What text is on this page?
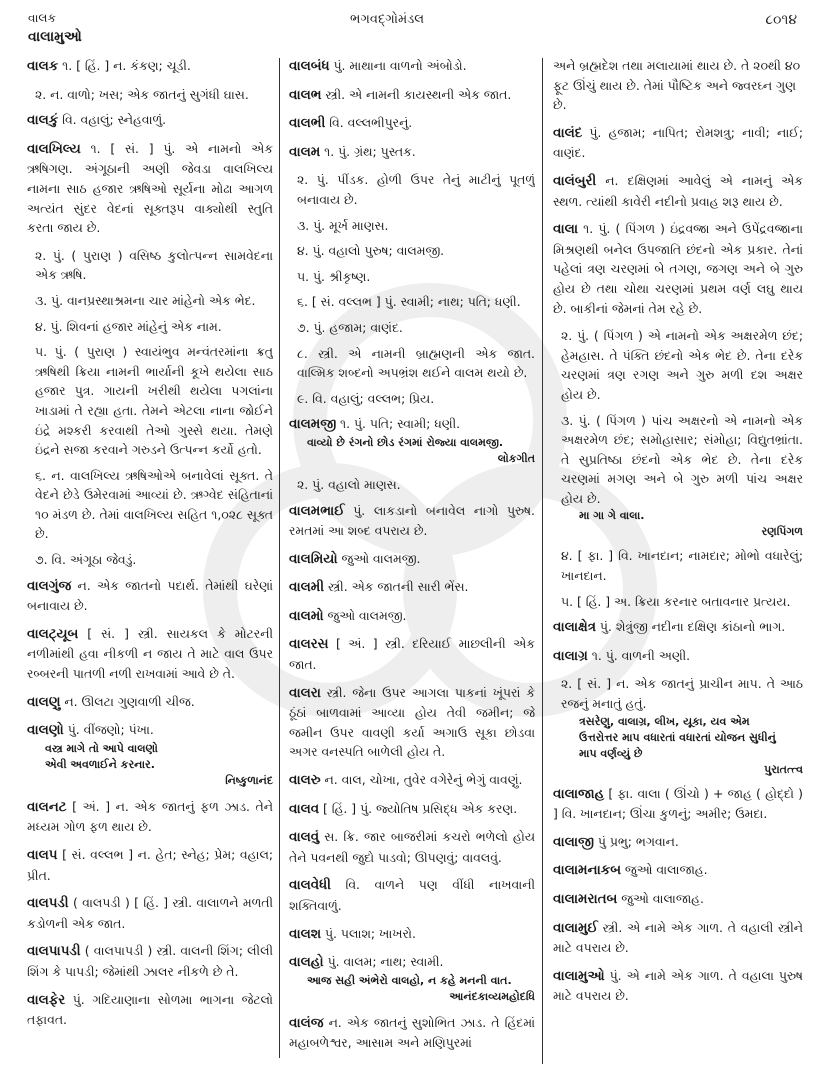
વાલક
વાલામુઓ
ભગવદ્ગોમંડલ	૮૦૧૪
વાલક ૧. [ હિં. ] ન. કંકણ; ચૂડી.
૨. ન. વાળો; ખસ; એક જાતનું સુગંધી ઘાસ.
વાલકું વિ. વહાલું; સ્નેહવાળું.
વાલખિલ્ય ૧. [ સં. ] પું. એ નામનો એક ઋષિગણ. અંગૂઠાની અણી જેવડા વાલખિલ્ય નામના સાઠ હજાર ઋષિઓ સૂર્યના મોઢા આગળ અત્યંત સુંદર વેદનાં સૂક્તરૂપ વાક્યોથી સ્તુતિ કરતા જાય છે.
૨. પું. ( પુરાણ ) વસિષ્ઠ કુલોત્પન્ન સામવેદના એક ઋષિ.
૩. પું. વાનપ્રસ્થાશ્રમના ચાર માંહેનો એક ભેદ.
૪. પું. શિવનાં હજાર માંહેનું એક નામ.
૫. પું. ( પુરાણ ) સ્વાયંભુવ મન્વંતરમાંના ક્રતુ ઋષિથી ક્રિયા નામની ભાર્યાની કૂખે થયેલા સાઠ હજાર પુત્ર. ગાયની ખરીથી થયેલા પગલાંના ખાડામાં તે રહ્યા હતા. તેમને એટલા નાના જોઈને ઇંદ્રે મશ્કરી કરવાથી તેઓ ગુસ્સે થયા. તેમણે ઇંદ્રને સજા કરવાને ગરુડને ઉત્પન્ન કર્યો હતો.
૬. ન. વાલખિલ્ય ઋષિઓએ બનાવેલાં સૂક્ત. તે વેદને છેડે ઉમેરવામાં આવ્યાં છે. ઋગ્વેદ સંહિતાનાં ૧૦ મંડળ છે. તેમાં વાલખિલ્ય સહિત ૧,૦૨૮ સૂક્ત છે.
૭. વિ. અંગૂઠા જેવડું.
વાલગુંજ ન. એક જાતનો પદાર્થ. તેમાંથી ઘરેણાં બનાવાય છે.
વાલટ્યૂબ [ સં. ] સ્ત્રી. સાયકલ કે મોટરની નળીમાંથી હવા નીકળી ન જાય તે માટે વાલ ઉપર રબ્બરની પાતળી નળી રાખવામાં આવે છે તે.
વાલણુ ન. ઊલટા ગુણવાળી ચીજ.
વાલણો પું. વીંજણો; પંખા.
વસ્ત્ર માગે તો આપે વાલણો
એવી અવળાઈને કરનાર.
નિષ્કુળાનંદ
વાલનટ [ અં. ] ન. એક જાતનું ફળ ઝાડ. તેને મધ્યમ ગોળ ફળ થાય છે.
વાલપ [ સં. વલ્લભ ] ન. હેત; સ્નેહ; પ્રેમ; વહાલ; પ્રીત.
વાલપડી ( વાલપડી ) [ હિં. ] સ્ત્રી. વાલાળને મળતી કડોળની એક જાત.
વાલપાપડી ( વાલપાપડી ) સ્ત્રી. વાલની શિંગ; લીલી શિંગ કે પાપડી; જેમાંથી ઝાલર નીકળે છે તે.
વાલફેર પું. ગદિયાણાના સોળમા ભાગના જેટલો તફાવત.
વાલબંધ પું. માથાના વાળનો અંબોડો.
વાલભ સ્ત્રી. એ નામની કાયસ્થની એક જાત.
વાલભી વિ. વલ્લભીપુરનું.
વાલમ ૧. પું. ગ્રંથ; પુસ્તક.
૨. પું. પીંડક. હોળી ઉપર તેનું માટીનું પૂતળું બનાવાય છે.
૩. પું. મૂર્ખ માણસ.
૪. પું. વહાલો પુરુષ; વાલમજી.
૫. પું. શ્રીકૃષ્ણ.
૬. [ સં. વલ્લભ ] પું. સ્વામી; નાથ; પતિ; ધણી.
૭. પું. હજામ; વાણંદ.
૮. સ્ત્રી. એ નામની બ્રાહ્મણની એક જાત. વાલ્મિક શબ્દનો અપભ્રંશ થઈને વાલમ થયો છે.
૯. વિ. વહાલું; વલ્લભ; પ્રિય.
વાલમજી ૧. પું. પતિ; સ્વામી; ધણી.
વાવ્યો છે રંગનો છોડ રંગમાં રોજ્યા વાલમજી.
લોકગીત
૨. પું. વહાલો માણસ.
વાલમભાઈ પું. લાકડાનો બનાવેલ નાગો પુરુષ. રમતમાં આ શબ્દ વપરાય છે.
વાલમિયો જુઓ વાલમજી.
વાલમી સ્ત્રી. એક જાતની સારી ભેંસ.
વાલમો જુઓ વાલમજી.
વાલરસ [ અં. ] સ્ત્રી. દરિયાઈ માછલીની એક જાત.
વાલરા સ્ત્રી. જેના ઉપર આગલા પાકનાં ખૂંપરાં કે ઠૂંઠાં બાળવામાં આવ્યા હોય તેવી જમીન; જે જમીન ઉપર વાવણી કર્યા અગાઉ સૂકા છોડવા અગર વનસ્પતિ બાળેલી હોય તે.
વાલરુ ન. વાલ, ચોખા, તુવેર વગેરેનું ભેગું વાવણું.
વાલવ [ હિં. ] પું. જ્યોતિષ પ્રસિદ્ધ એક કરણ.
વાલવું સ. ક્રિ. જાર બાજરીમાં કચરો ભળેલો હોય તેને પવનથી જુદો પાડવો; ઊપણવું; વાવલવું.
વાલવેધી વિ. વાળને પણ વીંધી નાખવાની શક્તિવાળું.
વાલશ પું. પલાશ; ખાખરો.
વાલહો પું. વાલમ; નાથ; સ્વામી.
આજ સહી અંભેરો વાલહો, ન કહે મનની વાત.
આનંદકાવ્યમહોદધિ
વાલંજ ન. એક જાતનું સુશોભિત ઝાડ. તે હિંદમાં મહાબળેશ્વર, આસામ અને મણિપુરમાં
અને બ્રહ્મદેશ તથા મલાયામાં થાય છે. તે ૨૦થી ૪૦ ફૂટ ઊંચું થાય છે. તેમાં પૌષ્ટિક અને જ્વરઘ્ન ગુણ છે.
વાલંદ પું. હજામ; નાપિત; રોમશત્રુ; નાવી; નાઈ; વાણંદ.
વાલંબુરી ન. દક્ષિણમાં આવેલું એ નામનું એક સ્થળ. ત્યાંથી કાવેરી નદીનો પ્રવાહ શરૂ થાય છે.
વાલા ૧. પું. ( પિંગળ ) ઇંદ્રવજ્રા અને ઉપેંદ્રવજ્રાના મિશ્રણથી બનેલ ઉપજાતિ છંદનો એક પ્રકાર. તેનાં પહેલાં ત્રણ ચરણમાં બે તગણ, જગણ અને બે ગુરુ હોય છે તથા ચોથા ચરણમાં પ્રથમ વર્ણ લઘુ થાય છે. બાકીનાં જેમનાં તેમ રહે છે.
૨. પું. ( પિંગળ ) એ નામનો એક અક્ષરમેળ છંદ; હેમહાસ. તે પંક્તિ છંદનો એક ભેદ છે. તેના દરેક ચરણમાં ત્રણ રગણ અને ગુરુ મળી દશ અક્ષર હોય છે.
૩. પું. ( પિંગળ ) પાંચ અક્ષરનો એ નામનો એક અક્ષરમેળ છંદ; સમોહાસાર; સંમોહા; વિદ્યુતભ્રાંતા. તે સુપ્રતિષ્ઠા છંદનો એક ભેદ છે. તેના દરેક ચરણમાં મગણ અને બે ગુરુ મળી પાંચ અક્ષર હોય છે.
મા ગા ગે વાલા.
રણપિંગળ
૪. [ ફા. ] વિ. ખાનદાન; નામદાર; મોભો વધારેલું; ખાનદાન.
૫. [ હિં. ] અ. ક્રિયા કરનાર બતાવનાર પ્રત્યય.
વાલાક્ષેત્ર પું. શેત્રુંજી નદીના દક્ષિણ કાંઠાનો ભાગ.
વાલાગ્ર ૧. પું. વાળની અણી.
૨. [ સં. ] ન. એક જાતનું પ્રાચીન માપ. તે આઠ રજનું મનાતું હતું.
ત્રસરેણુ, વાલાગ્ર, લીખ, યૂકા, યવ એમ
ઉત્તરોત્તર માપ વધારતાં વધારતાં યોજન સુધીનું
માપ વર્ણવ્યું છે
પુરાતત્ત્વ
વાલાજાહ [ ફા. વાલા ( ઊંચો ) + જાહ ( હોદ્દો ) ] વિ. ખાનદાન; ઊંચા કુળનું; અમીર; ઉમદા.
વાલાજી પું પ્રભુ; ભગવાન.
વાલામનાકબ જુઓ વાલાજાહ.
વાલામરાતબ જુઓ વાલાજાહ.
વાલામુઈ સ્ત્રી. એ નામે એક ગાળ. તે વહાલી સ્ત્રીને માટે વપરાય છે.
વાલામુઓ પું. એ નામે એક ગાળ. તે વહાલા પુરુષ માટે વપરાય છે.
